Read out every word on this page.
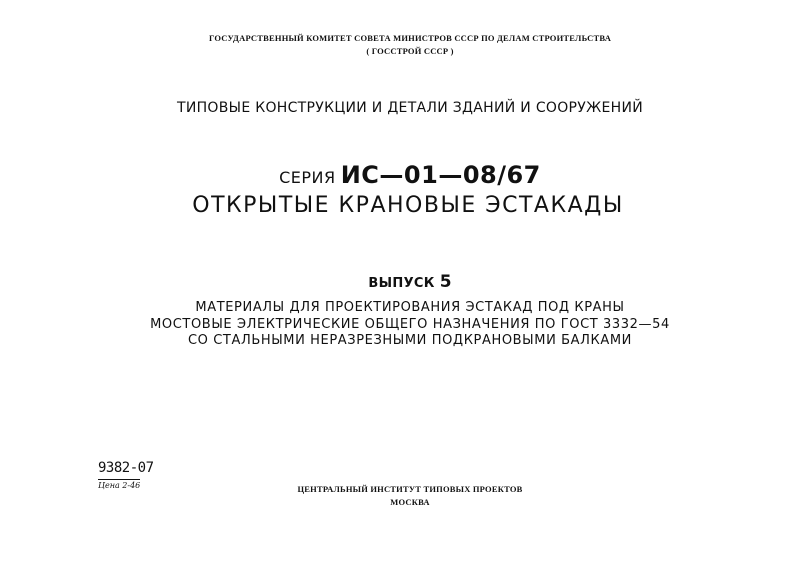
ГОСУДАРСТВЕННЫЙ КОМИТЕТ СОВЕТА МИНИСТРОВ СССР ПО ДЕЛАМ СТРОИТЕЛЬСТВА
( ГОССТРОЙ СССР )
ТИПОВЫЕ КОНСТРУКЦИИ И ДЕТАЛИ ЗДАНИЙ И СООРУЖЕНИЙ
СЕРИЯ ИС—01—08/67
ОТКРЫТЫЕ КРАНОВЫЕ ЭСТАКАДЫ
ВЫПУСК 5
МАТЕРИАЛЫ ДЛЯ ПРОЕКТИРОВАНИЯ ЭСТАКАД ПОД КРАНЫ
МОСТОВЫЕ ЭЛЕКТРИЧЕСКИЕ ОБЩЕГО НАЗНАЧЕНИЯ ПО ГОСТ 3332—54
СО СТАЛЬНЫМИ НЕРАЗРЕЗНЫМИ ПОДКРАНОВЫМИ БАЛКАМИ
9382-07
Цена 2-46	ЦЕНТРАЛЬНЫЙ ИНСТИТУТ ТИПОВЫХ ПРОЕКТОВ
МОСКВА
